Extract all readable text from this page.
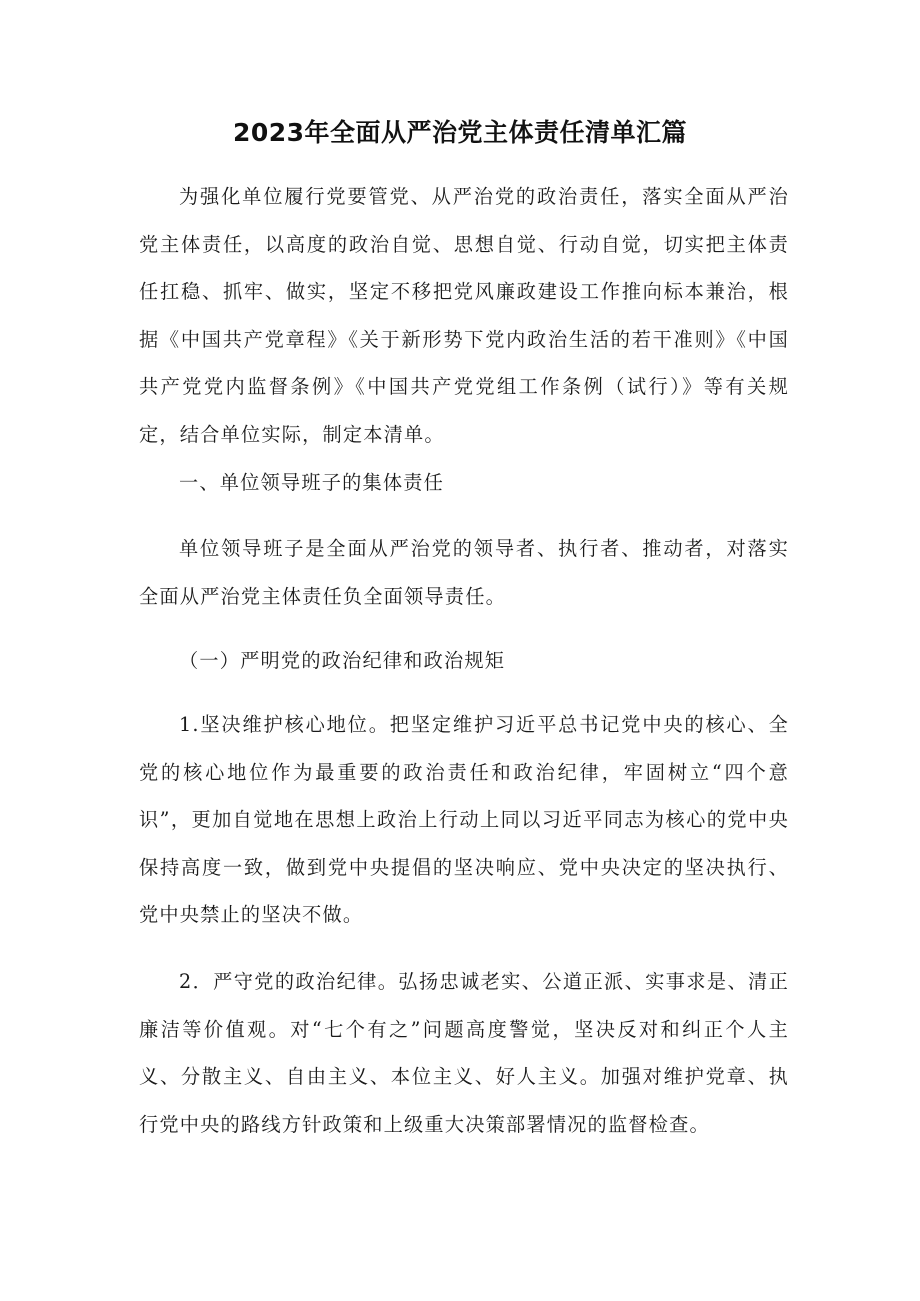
2023年全面从严治党主体责任清单汇篇

为强化单位履行党要管党、从严治党的政治责任，落实全面从严治党主体责任，以高度的政治自觉、思想自觉、行动自觉，切实把主体责任扛稳、抓牢、做实，坚定不移把党风廉政建设工作推向标本兼治，根据《中国共产党章程》《关于新形势下党内政治生活的若干准则》《中国共产党党内监督条例》《中国共产党党组工作条例（试行）》等有关规定，结合单位实际，制定本清单。

一、单位领导班子的集体责任

单位领导班子是全面从严治党的领导者、执行者、推动者，对落实全面从严治党主体责任负全面领导责任。

（一）严明党的政治纪律和政治规矩

1.坚决维护核心地位。把坚定维护习近平总书记党中央的核心、全党的核心地位作为最重要的政治责任和政治纪律，牢固树立“四个意识”，更加自觉地在思想上政治上行动上同以习近平同志为核心的党中央保持高度一致，做到党中央提倡的坚决响应、党中央决定的坚决执行、党中央禁止的坚决不做。

2．严守党的政治纪律。弘扬忠诚老实、公道正派、实事求是、清正廉洁等价值观。对“七个有之”问题高度警觉，坚决反对和纠正个人主义、分散主义、自由主义、本位主义、好人主义。加强对维护党章、执行党中央的路线方针政策和上级重大决策部署情况的监督检查。
